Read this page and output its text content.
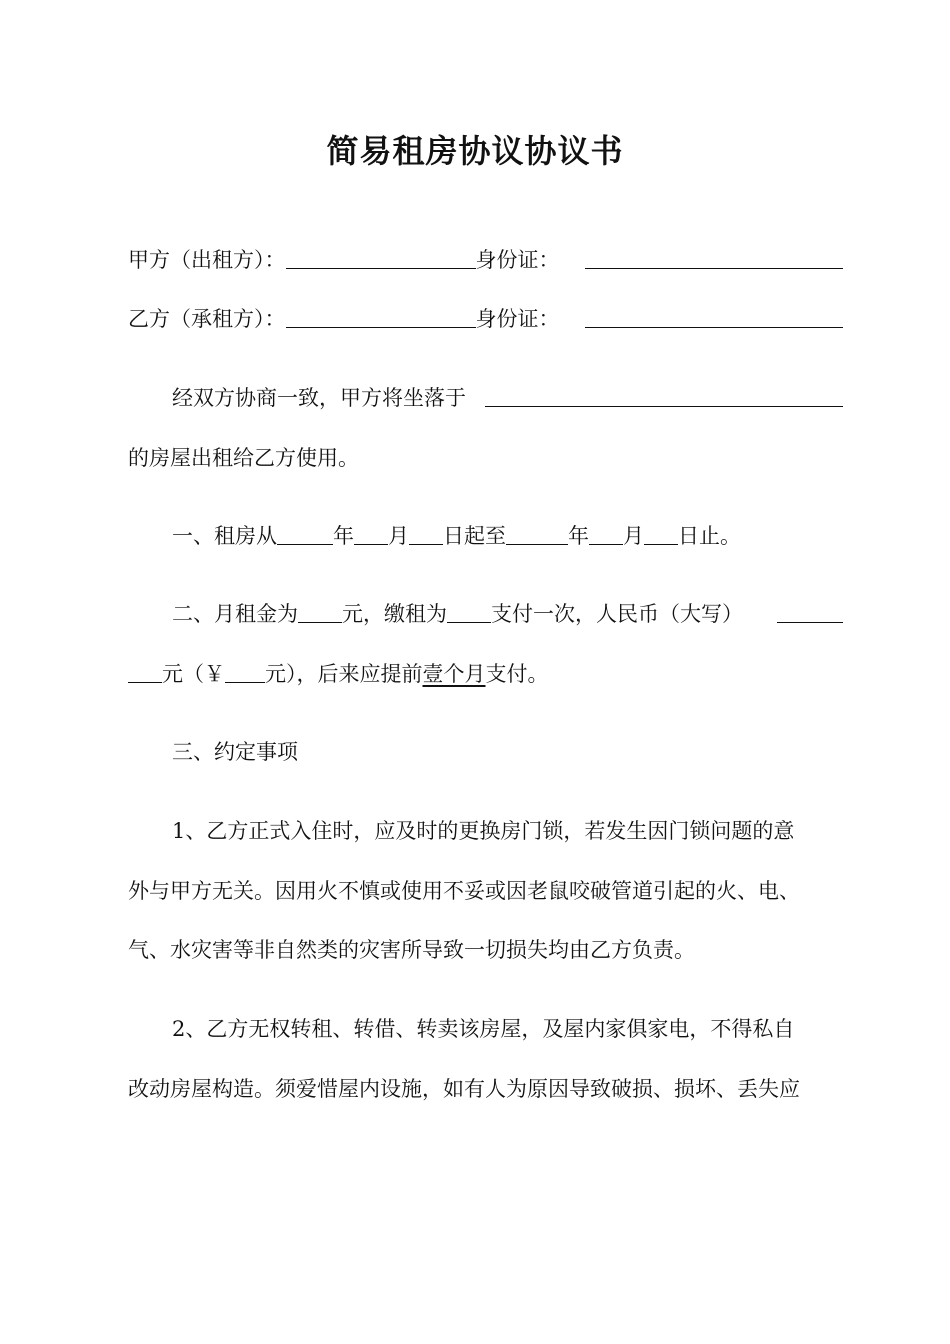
简易租房协议协议书
甲方（出租方）：	身份证：
乙方（承租方）：	身份证：
经双方协商一致，甲方将坐落于
的房屋出租给乙方使用。
一、租房从	年 月 日起至	年 月 日止。
二、月租金为 元，缴租为 支付一次，人民币（大写）
元（￥ 元），后来应提前壹个月支付。
三、约定事项
1、乙方正式入住时，应及时的更换房门锁，若发生因门锁问题的意
外与甲方无关。因用火不慎或使用不妥或因老鼠咬破管道引起的火、电、
气、水灾害等非自然类的灾害所导致一切损失均由乙方负责。
2、乙方无权转租、转借、转卖该房屋，及屋内家俱家电，不得私自
改动房屋构造。须爱惜屋内设施，如有人为原因导致破损、损坏、丢失应
